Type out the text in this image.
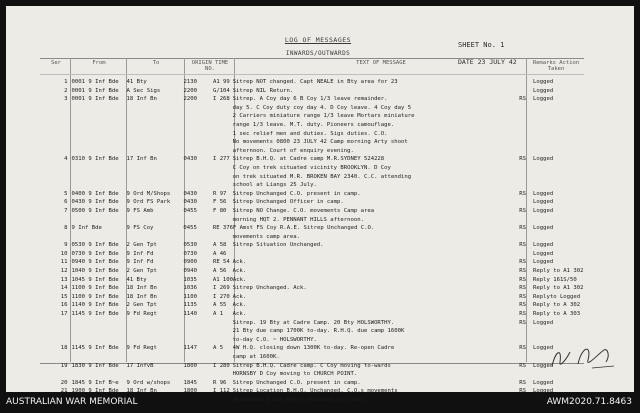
LOG OF MESSAGES
INWARDS/OUTWARDS
SHEET No. 1
DATE 23 JULY 42
Ser	From	To	ORIGIN TIME NO.
TEXT OF MESSAGE	Remarks Action Taken
1 0001 9 Inf Bde	41 Bty	2130	A1 99 Sitrep NOT changed. Capt NEALE in Bty area for 23	Logged
2 0001 9 Inf Bde	A Sec Sigs	2200	G/104 Sitrep NIL Return.	Logged
3 0001 9 Inf Bde	18 Inf Bn	2200	I 268 Sitrep. A Coy day 6 B Coy 1/3 leave remainder.	RS	Logged
day 5. C Coy duty coy day 4. D Coy leave. 4 Coy day 5
2 Carriers miniature range 1/3 leave Mortars miniature
range 1/3 leave. M.T. duty. Pioneers camouflage.
1 sec relief men and duties. Sigs duties. C.O.
No movements 0800 23 JULY 42 Camp morning Arty shoot
afternoon. Court of enquiry evening.
4 0310 9 Inf Bde	17 Inf Bn	0430	I 277 Sitrep B.H.Q. at Cadre camp M.R.SYDNEY 524228	RS	Logged
C Coy on trek situated vicinity BROOKLYN. D Coy
on trek situated M.R. BROKEN BAY 2340. C.C. attending
school at Liangs 25 July.
5 0400 9 Inf Bde	9 Ord M/Shops	0430	R 97	Sitrep Unchanged C.O. present in camp.	RS	Logged
6 0430 9 Inf Bde	9 Ord FS Park	0430	F 56	Sitrep Unchanged Officer in camp.	Logged
7 0500 9 Inf Bde	9 FS Amb	0455	F 80	Sitrep NO Change. C.O. movements Camp area	RS	Logged
morning HQT 2. PENNANT HILLS afternoon.
8 9 Inf Bde	9 FS Coy	0455	RE 376 F Amst FS Coy R.A.E. Sitrep Unchanged C.O.	RS	Logged
movements camp area.
9 0530 9 Inf Bde	2 Gen Tpt	0530	A 58	Sitrep Situation Unchanged.	RS	Logged
10 0730 9 Inf Bde	9 Inf Fd	0730	A 46	Logged
11 0940 9 Inf Bde	9 Inf Fd	0900	RE 54 Ack.	RS	Logged
12 1040 9 Inf Bde	2 Gen Tpt	0940	A 56	Ack.	RS	Reply to A1 302
13 1045 9 Inf Bde	41 Bty	1035	A1 100 Ack.	RS	Reply 161S/50
14 1100 9 Inf Bde	18 Inf Bn	1036	I 269 Sitrep Unchanged. Ack.	RS	Reply to A1 302
15 1100 9 Inf Bde	18 Inf Bn	1100	I 270 Ack.	RS	Replyto Logged
16 1140 9 Inf Bde	2 Gen Tpt	1135	A 55	Ack.	RS	Reply to A 302
17 1145 9 Inf Bde	9 Fd Regt	1140	A 1	Ack.	RS	Reply to A 303
Sitrep. 19 Bty at Cadre Camp. 20 Bty HOLSWORTHY.	RS	Logged
21 Bty due camp 1700K to-day. R.H.Q. due camp 1600K
to-day C.O. ~ HOLSWORTHY.
18 1145 9 Inf Bde	9 Fd Regt	1147	A 5	4W H.Q. closing down 1300K to-day. Re-open Cadre	RS	Logged
camp at 1600K.
19 1830 9 Inf Bde	17 InfvB	1800	I 280 Sitrep B.H.Q. Cadre camp. C Coy moving to-wards	RS	Logged
HORNSBY D Coy moving to CHURCH POINT.
20 1845 9 Inf B~e	9 Ord w/shops	1845	R 96	Sitrep Unchanged C.O. present in camp.	RS	Logged
21 1900 9 Inf Bde	18 Inf Bn	1800	I 112 Sitrep Location B.H.Q. Unchanged. C.O.s movements	RS	Logged
Unchanged I See Refer attached syllabus.
AUSTRALIAN WAR MEMORIAL	AWM2020.71.8463
